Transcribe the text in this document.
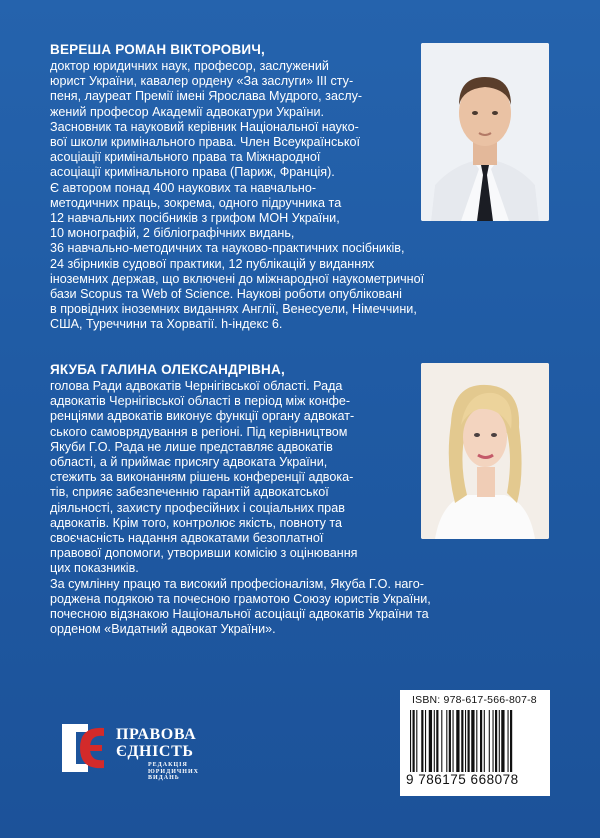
ВЕРЕША РОМАН ВІКТОРОВИЧ,

доктор юридичних наук, професор, заслужений
юрист України, кавалер ордену «За заслуги» III сту-
пеня, лауреат Премії імені Ярослава Мудрого, заслу-
жений професор Академії адвокатури України.
Засновник та науковий керівник Національної науко-
вої школи кримінального права. Член Всеукраїнської
асоціації кримінального права та Міжнародної
асоціації кримінального права (Париж, Франція).
Є автором понад 400 наукових та навчально-
методичних праць, зокрема, одного підручника та
12 навчальних посібників з грифом МОН України,
10 монографій, 2 бібліографічних видань,
36 навчально-методичних та науково-практичних посібників,
24 збірників судової практики, 12 публікацій у виданнях
іноземних держав, що включені до міжнародної наукометричної
бази Scopus та Web of Science. Наукові роботи опубліковані
в провідних іноземних виданнях Англії, Венесуели, Німеччини,
США, Туреччини та Хорватії. h-індекс 6.

ЯКУБА ГАЛИНА ОЛЕКСАНДРІВНА,

голова Ради адвокатів Чернігівської області. Рада
адвокатів Чернігівської області в період між конфе-
ренціями адвокатів виконує функції органу адвокат-
ського самоврядування в регіоні. Під керівництвом
Якуби Г.О. Рада не лише представляє адвокатів
області, а й приймає присягу адвоката України,
стежить за виконанням рішень конференції адвока-
тів, сприяє забезпеченню гарантій адвокатської
діяльності, захисту професійних і соціальних прав
адвокатів. Крім того, контролює якість, повноту та
своєчасність надання адвокатами безоплатної
правової допомоги, утворивши комісію з оцінювання
цих показників.
За сумлінну працю та високий професіоналізм, Якуба Г.О. наго-
роджена подякою та почесною грамотою Союзу юристів України,
почесною відзнакою Національної асоціації адвокатів України та
орденом «Видатний адвокат України».

ПРАВОВА
ЄДНІСТЬ
РЕДАКЦІЯ
ЮРИДИЧНИХ
ВИДАНЬ
ISBN: 978-617-566-807-8
9 786175 668078
